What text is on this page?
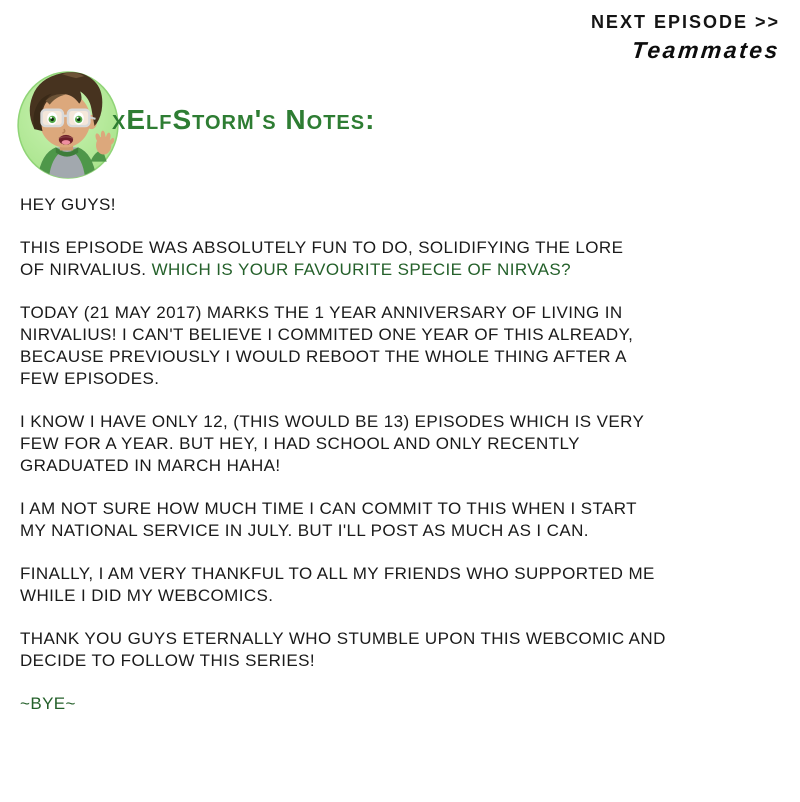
NEXT EPISODE >>
Teammates
xElfStorm's Notes:

HEY GUYS!

THIS EPISODE WAS ABSOLUTELY FUN TO DO, SOLIDIFYING THE LORE
OF NIRVALIUS. WHICH IS YOUR FAVOURITE SPECIE OF NIRVAS?

TODAY (21 MAY 2017) MARKS THE 1 YEAR ANNIVERSARY OF LIVING IN
NIRVALIUS! I CAN'T BELIEVE I COMMITED ONE YEAR OF THIS ALREADY,
BECAUSE PREVIOUSLY I WOULD REBOOT THE WHOLE THING AFTER A
FEW EPISODES.

I KNOW I HAVE ONLY 12, (THIS WOULD BE 13) EPISODES WHICH IS VERY
FEW FOR A YEAR. BUT HEY, I HAD SCHOOL AND ONLY RECENTLY
GRADUATED IN MARCH HAHA!

I AM NOT SURE HOW MUCH TIME I CAN COMMIT TO THIS WHEN I START
MY NATIONAL SERVICE IN JULY. BUT I'LL POST AS MUCH AS I CAN.

FINALLY, I AM VERY THANKFUL TO ALL MY FRIENDS WHO SUPPORTED ME
WHILE I DID MY WEBCOMICS.

THANK YOU GUYS ETERNALLY WHO STUMBLE UPON THIS WEBCOMIC AND
DECIDE TO FOLLOW THIS SERIES!

~BYE~
